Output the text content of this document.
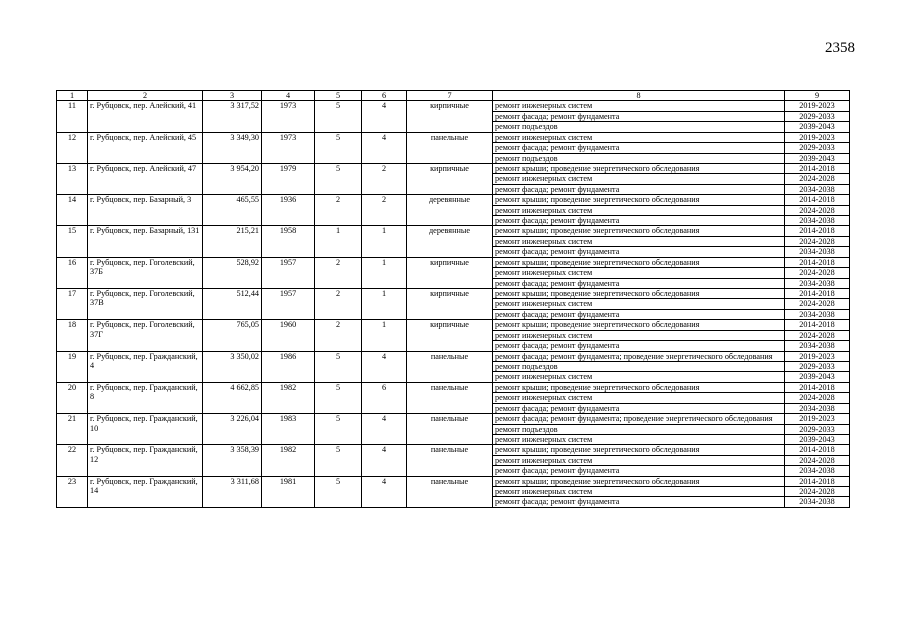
2358
1	2	3	4	5	6	7	8	9
11	г. Рубцовск, пер. Алейский, 41	3 317,52	1973	5	4	кирпичные	ремонт инженерных систем	2019-2023
							ремонт фасада; ремонт фундамента	2029-2033
							ремонт подъездов	2039-2043
12	г. Рубцовск, пер. Алейский, 45	3 349,30	1973	5	4	панельные	ремонт инженерных систем	2019-2023
							ремонт фасада; ремонт фундамента	2029-2033
							ремонт подъездов	2039-2043
13	г. Рубцовск, пер. Алейский, 47	3 954,20	1979	5	2	кирпичные	ремонт крыши; проведение энергетического обследования	2014-2018
							ремонт инженерных систем	2024-2028
							ремонт фасада; ремонт фундамента	2034-2038
14	г. Рубцовск, пер. Базарный, 3	465,55	1936	2	2	деревянные	ремонт крыши; проведение энергетического обследования	2014-2018
							ремонт инженерных систем	2024-2028
							ремонт фасада; ремонт фундамента	2034-2038
15	г. Рубцовск, пер. Базарный, 131	215,21	1958	1	1	деревянные	ремонт крыши; проведение энергетического обследования	2014-2018
							ремонт инженерных систем	2024-2028
							ремонт фасада; ремонт фундамента	2034-2038
16	г. Рубцовск, пер. Гоголевский, 37Б	528,92	1957	2	1	кирпичные	ремонт крыши; проведение энергетического обследования	2014-2018
							ремонт инженерных систем	2024-2028
							ремонт фасада; ремонт фундамента	2034-2038
17	г. Рубцовск, пер. Гоголевский, 37В	512,44	1957	2	1	кирпичные	ремонт крыши; проведение энергетического обследования	2014-2018
							ремонт инженерных систем	2024-2028
							ремонт фасада; ремонт фундамента	2034-2038
18	г. Рубцовск, пер. Гоголевский, 37Г	765,05	1960	2	1	кирпичные	ремонт крыши; проведение энергетического обследования	2014-2018
							ремонт инженерных систем	2024-2028
							ремонт фасада; ремонт фундамента	2034-2038
19	г. Рубцовск, пер. Гражданский, 4	3 350,02	1986	5	4	панельные	ремонт фасада; ремонт фундамента; проведение энергетического обследования	2019-2023
							ремонт подъездов	2029-2033
							ремонт инженерных систем	2039-2043
20	г. Рубцовск, пер. Гражданский, 8	4 662,85	1982	5	6	панельные	ремонт крыши; проведение энергетического обследования	2014-2018
							ремонт инженерных систем	2024-2028
							ремонт фасада; ремонт фундамента	2034-2038
21	г. Рубцовск, пер. Гражданский, 10	3 226,04	1983	5	4	панельные	ремонт фасада; ремонт фундамента; проведение энергетического обследования	2019-2023
							ремонт подъездов	2029-2033
							ремонт инженерных систем	2039-2043
22	г. Рубцовск, пер. Гражданский, 12	3 358,39	1982	5	4	панельные	ремонт крыши; проведение энергетического обследования	2014-2018
							ремонт инженерных систем	2024-2028
							ремонт фасада; ремонт фундамента	2034-2038
23	г. Рубцовск, пер. Гражданский, 14	3 311,68	1981	5	4	панельные	ремонт крыши; проведение энергетического обследования	2014-2018
							ремонт инженерных систем	2024-2028
							ремонт фасада; ремонт фундамента	2034-2038
